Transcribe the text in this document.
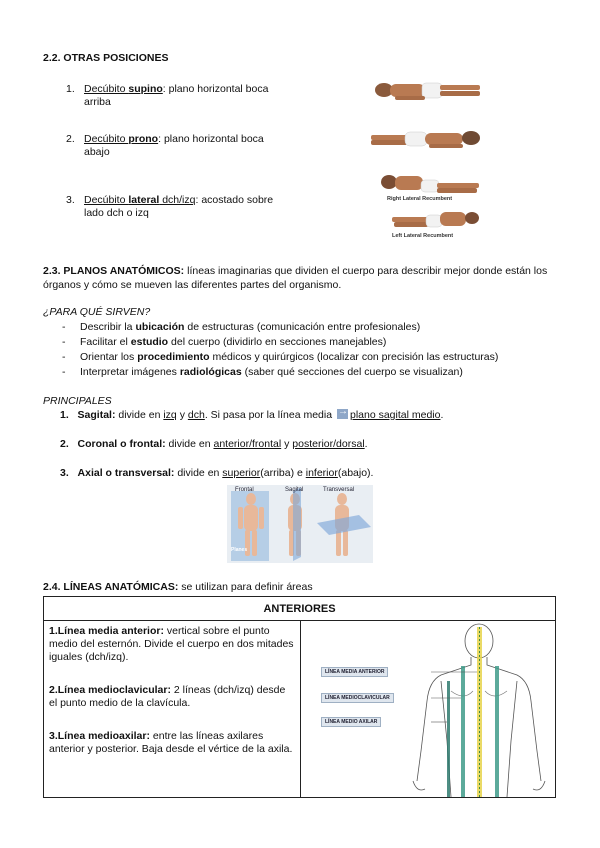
2.2. OTRAS POSICIONES
1. Decúbito supino: plano horizontal boca arriba
2. Decúbito prono: plano horizontal boca abajo
3. Decúbito lateral dch/izq: acostado sobre lado dch o izq
Right Lateral Recumbent
Left Lateral Recumbent
2.3. PLANOS ANATÓMICOS: líneas imaginarias que dividen el cuerpo para describir mejor donde están los órganos y cómo se mueven las diferentes partes del organismo.
¿PARA QUÉ SIRVEN?
- Describir la ubicación de estructuras (comunicación entre profesionales)
- Facilitar el estudio del cuerpo (dividirlo en secciones manejables)
- Orientar los procedimiento médicos y quirúrgicos (localizar con precisión las estructuras)
- Interpretar imágenes radiológicas (saber qué secciones del cuerpo se visualizan)
PRINCIPALES
1. Sagital: divide en izq y dch. Si pasa por la línea media →plano sagital medio.
2. Coronal o frontal: divide en anterior/frontal y posterior/dorsal.
3. Axial o transversal: divide en superior(arriba) e inferior(abajo).
Frontal	Sagital	Transversal
Planes
2.4. LÍNEAS ANATÓMICAS: se utilizan para definir áreas
ANTERIORES

1.Línea media anterior: vertical sobre el punto medio del esternón. Divide el cuerpo en dos mitades iguales (dch/izq).

2.Línea medioclavicular: 2 líneas (dch/izq) desde el punto medio de la clavícula.

3.Línea medioaxilar: entre las líneas axilares anterior y posterior. Baja desde el vértice de la axila.

LÍNEA MEDIA ANTERIOR
LÍNEA MEDIOCLAVICULAR
LÍNEA MEDIO AXILAR
